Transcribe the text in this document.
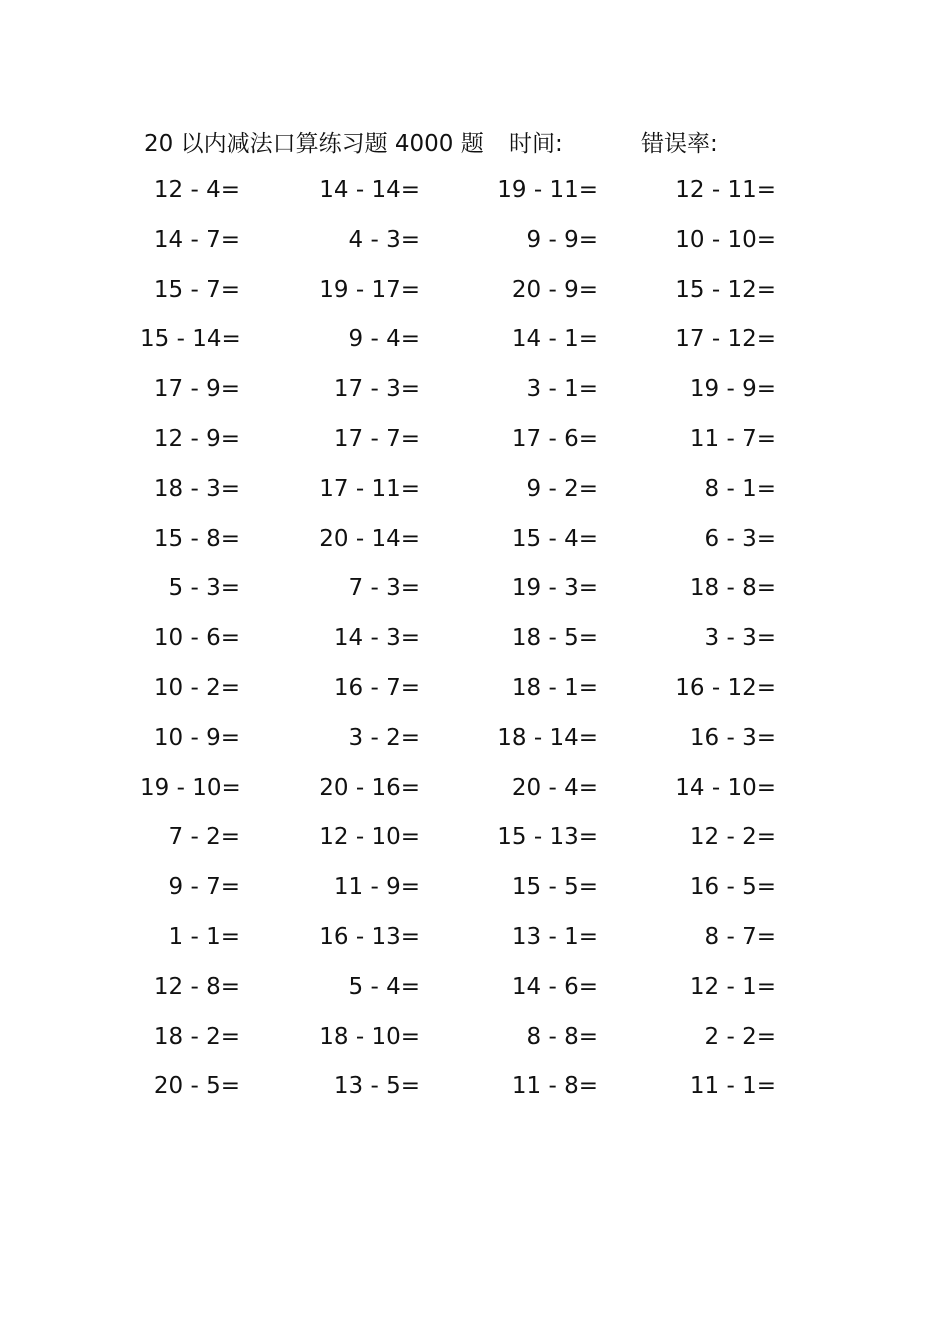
20 以内减法口算练习题 4000 题 时间:	错误率:
12 - 4=	14 - 14=	19 - 11=	12 - 11=
14 - 7=	4 - 3=	9 - 9=	10 - 10=
15 - 7=	19 - 17=	20 - 9=	15 - 12=
15 - 14=	9 - 4=	14 - 1=	17 - 12=
17 - 9=	17 - 3=	3 - 1=	19 - 9=
12 - 9=	17 - 7=	17 - 6=	11 - 7=
18 - 3=	17 - 11=	9 - 2=	8 - 1=
15 - 8=	20 - 14=	15 - 4=	6 - 3=
5 - 3=	7 - 3=	19 - 3=	18 - 8=
10 - 6=	14 - 3=	18 - 5=	3 - 3=
10 - 2=	16 - 7=	18 - 1=	16 - 12=
10 - 9=	3 - 2=	18 - 14=	16 - 3=
19 - 10=	20 - 16=	20 - 4=	14 - 10=
7 - 2=	12 - 10=	15 - 13=	12 - 2=
9 - 7=	11 - 9=	15 - 5=	16 - 5=
1 - 1=	16 - 13=	13 - 1=	8 - 7=
12 - 8=	5 - 4=	14 - 6=	12 - 1=
18 - 2=	18 - 10=	8 - 8=	2 - 2=
20 - 5=	13 - 5=	11 - 8=	11 - 1=
